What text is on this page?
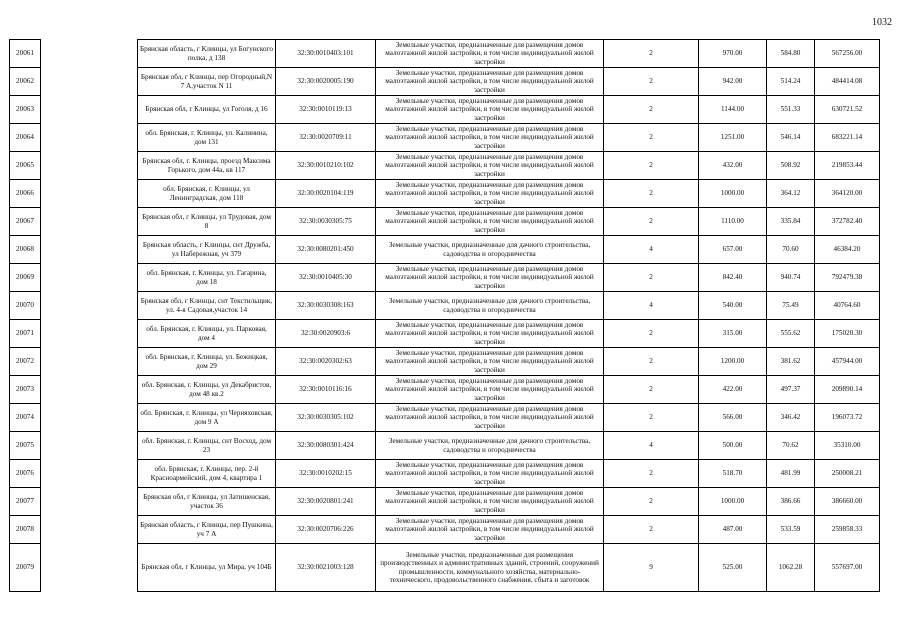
1032
20061		Брянская область, г Клинцы, ул Богунского полка, д 138	32:30:0010403:101	Земельные участки, предназначенные для размещения домов малоэтажной жилой застройки, в том числе индивидуальной жилой застройки	2	970.00	584.80	567256.00
20062		Брянская обл, г Клинцы, пер Огородный,N 7 А,участок N 11	32:30:0020005:190	Земельные участки, предназначенные для размещения домов малоэтажной жилой застройки, в том числе индивидуальной жилой застройки	2	942.00	514.24	484414.08
20063		Брянская обл, г Клинцы, ул Гоголя, д 16	32:30:0010119:13	Земельные участки, предназначенные для размещения домов малоэтажной жилой застройки, в том числе индивидуальной жилой застройки	2	1144.00	551.33	630721.52
20064		обл. Брянская, г. Клинцы, ул. Калинина, дом 131	32:30:0020709:11	Земельные участки, предназначенные для размещения домов малоэтажной жилой застройки, в том числе индивидуальной жилой застройки	2	1251.00	546.14	683221.14
20065		Брянская обл, г. Клинцы, проезд Максима Горького, дом 44а, кв 117	32:30:0010210:102	Земельные участки, предназначенные для размещения домов малоэтажной жилой застройки, в том числе индивидуальной жилой застройки	2	432.00	508.92	219853.44
20066		обл. Брянская, г. Клинцы, ул Ленинградская, дом 118	32:30:0020104:119	Земельные участки, предназначенные для размещения домов малоэтажной жилой застройки, в том числе индивидуальной жилой застройки	2	1000.00	364.12	364120.00
20067		Брянская обл, г Клинцы, ул Трудовая, дом 8	32:30:0030305:75	Земельные участки, предназначенные для размещения домов малоэтажной жилой застройки, в том числе индивидуальной жилой застройки	2	1110.00	335.84	372782.40
20068		Брянская область, г Клинцы, снт Дружба, ул Набережная, уч 379	32:30:0080201:450	Земельные участки, предназначенные для дачного строительства, садоводства и огородничества	4	657.00	70.60	46384.20
20069		обл. Брянская, г. Клинцы, ул. Гагарина, дом 18	32:30:0010405:30	Земельные участки, предназначенные для размещения домов малоэтажной жилой застройки, в том числе индивидуальной жилой застройки	2	842.40	940.74	792479.38
20070		Брянская обл, г Клинцы, снт Текстильщик, ул. 4-я Садовая,участок 14	32:30:0030308:163	Земельные участки, предназначенные для дачного строительства, садоводства и огородничества	4	540.00	75.49	40764.60
20071		обл. Брянская, г. Клинцы, ул. Парковая, дом 4	32:30:0020903:6	Земельные участки, предназначенные для размещения домов малоэтажной жилой застройки, в том числе индивидуальной жилой застройки	2	315.00	555.62	175020.30
20072		обл. Брянская, г. Клинцы, ул. Бежицкая, дом 29	32:30:0020302:63	Земельные участки, предназначенные для размещения домов малоэтажной жилой застройки, в том числе индивидуальной жилой застройки	2	1200.00	381.62	457944.00
20073		обл. Брянская, г. Клинцы, ул Декабристов, дом 48 кв.2	32:30:0010116:16	Земельные участки, предназначенные для размещения домов малоэтажной жилой застройки, в том числе индивидуальной жилой застройки	2	422.00	497.37	209890.14
20074		обл. Брянская, г. Клинцы, ул Черняховская, дом 9 А	32:30:0030305:102	Земельные участки, предназначенные для размещения домов малоэтажной жилой застройки, в том числе индивидуальной жилой застройки	2	566.00	346.42	196073.72
20075		обл. Брянская, г. Клинцы, снт Восход, дом 23	32:30:0080301:424	Земельные участки, предназначенные для дачного строительства, садоводства и огородничества	4	500.00	70.62	35310.00
20076		обл. Брянская, г. Клинцы, пер. 2-й Красноармейский, дом 4, квартира 1	32:30:0010202:15	Земельные участки, предназначенные для размещения домов малоэтажной жилой застройки, в том числе индивидуальной жилой застройки	2	518.70	481.99	250008.21
20077		Брянская обл, г Клинцы, ул Затишенская, участок 36	32:30:0020801:241	Земельные участки, предназначенные для размещения домов малоэтажной жилой застройки, в том числе индивидуальной жилой застройки	2	1000.00	386.66	386660.00
20078		Брянская область, г Клинцы, пер Пушкина, уч 7 А	32:30:0020706:226	Земельные участки, предназначенные для размещения домов малоэтажной жилой застройки, в том числе индивидуальной жилой застройки	2	487.00	533.59	259858.33
20079		Брянская обл, г Клинцы, ул Мира, уч 104Б	32:30:0021003:128	Земельные участки, предназначенные для размещения производственных и административных зданий, строений, сооружений промышленности, коммунального хозяйства, материально-технического, продовольственного снабжения, сбыта и заготовок	9	525.00	1062.28	557697.00
